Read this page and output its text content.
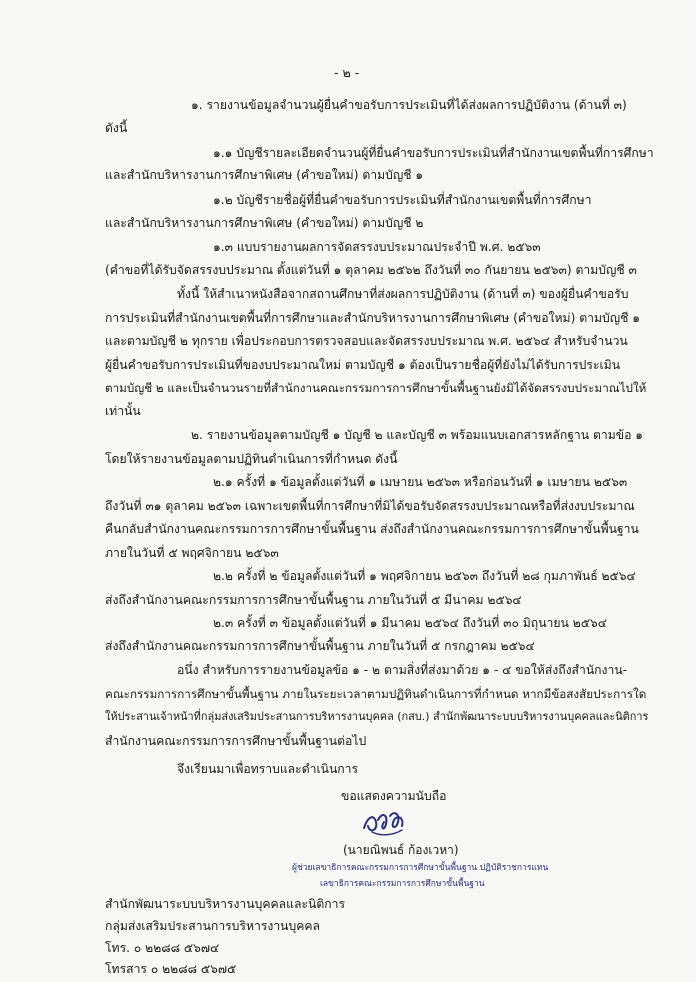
- ๒ -

๑. รายงานข้อมูลจำนวนผู้ยื่นคำขอรับการประเมินที่ได้ส่งผลการปฏิบัติงาน (ด้านที่ ๓)

ดังนี้

๑.๑ บัญชีรายละเอียดจำนวนผู้ที่ยื่นคำขอรับการประเมินที่สำนักงานเขตพื้นที่การศึกษา

และสำนักบริหารงานการศึกษาพิเศษ (คำขอใหม่) ตามบัญชี ๑

๑.๒ บัญชีรายชื่อผู้ที่ยื่นคำขอรับการประเมินที่สำนักงานเขตพื้นที่การศึกษา

และสำนักบริหารงานการศึกษาพิเศษ (คำขอใหม่) ตามบัญชี ๒

๑.๓ แบบรายงานผลการจัดสรรงบประมาณประจำปี พ.ศ. ๒๕๖๓

(คำขอที่ได้รับจัดสรรงบประมาณ ตั้งแต่วันที่ ๑ ตุลาคม ๒๕๖๒ ถึงวันที่ ๓๐ กันยายน ๒๕๖๓) ตามบัญชี ๓

ทั้งนี้ ให้สำเนาหนังสือจากสถานศึกษาที่ส่งผลการปฏิบัติงาน (ด้านที่ ๓) ของผู้ยื่นคำขอรับ

การประเมินที่สำนักงานเขตพื้นที่การศึกษาและสำนักบริหารงานการศึกษาพิเศษ (คำขอใหม่) ตามบัญชี ๑

และตามบัญชี ๒ ทุกราย เพื่อประกอบการตรวจสอบและจัดสรรงบประมาณ พ.ศ. ๒๕๖๔ สำหรับจำนวน

ผู้ยื่นคำขอรับการประเมินที่ของบประมาณใหม่ ตามบัญชี ๑ ต้องเป็นรายชื่อผู้ที่ยังไม่ได้รับการประเมิน

ตามบัญชี ๒ และเป็นจำนวนรายที่สำนักงานคณะกรรมการการศึกษาขั้นพื้นฐานยังมิได้จัดสรรงบประมาณไปให้

เท่านั้น

๒. รายงานข้อมูลตามบัญชี ๑ บัญชี ๒ และบัญชี ๓ พร้อมแนบเอกสารหลักฐาน ตามข้อ ๑

โดยให้รายงานข้อมูลตามปฏิทินดำเนินการที่กำหนด ดังนี้

๒.๑ ครั้งที่ ๑ ข้อมูลตั้งแต่วันที่ ๑ เมษายน ๒๕๖๓ หรือก่อนวันที่ ๑ เมษายน ๒๕๖๓

ถึงวันที่ ๓๑ ตุลาคม ๒๕๖๓ เฉพาะเขตพื้นที่การศึกษาที่มิได้ขอรับจัดสรรงบประมาณหรือที่ส่งงบประมาณ

คืนกลับสำนักงานคณะกรรมการการศึกษาขั้นพื้นฐาน ส่งถึงสำนักงานคณะกรรมการการศึกษาขั้นพื้นฐาน

ภายในวันที่ ๕ พฤศจิกายน ๒๕๖๓

๒.๒ ครั้งที่ ๒ ข้อมูลตั้งแต่วันที่ ๑ พฤศจิกายน ๒๕๖๓ ถึงวันที่ ๒๘ กุมภาพันธ์ ๒๕๖๔

ส่งถึงสำนักงานคณะกรรมการการศึกษาขั้นพื้นฐาน ภายในวันที่ ๕ มีนาคม ๒๕๖๔

๒.๓ ครั้งที่ ๓ ข้อมูลตั้งแต่วันที่ ๑ มีนาคม ๒๕๖๔ ถึงวันที่ ๓๐ มิถุนายน ๒๕๖๔

ส่งถึงสำนักงานคณะกรรมการการศึกษาขั้นพื้นฐาน ภายในวันที่ ๕ กรกฎาคม ๒๕๖๔

อนึ่ง สำหรับการรายงานข้อมูลข้อ ๑ - ๒ ตามสิ่งที่ส่งมาด้วย ๑ - ๔ ขอให้ส่งถึงสำนักงาน-

คณะกรรมการการศึกษาขั้นพื้นฐาน ภายในระยะเวลาตามปฏิทินดำเนินการที่กำหนด หากมีข้อสงสัยประการใด

ให้ประสานเจ้าหน้าที่กลุ่มส่งเสริมประสานการบริหารงานบุคคล (กสบ.) สำนักพัฒนาระบบบริหารงานบุคคลและนิติการ

สำนักงานคณะกรรมการการศึกษาขั้นพื้นฐานต่อไป

จึงเรียนมาเพื่อทราบและดำเนินการ

ขอแสดงความนับถือ

(นายณิพนธ์ ก้องเวหา)

ผู้ช่วยเลขาธิการคณะกรรมการการศึกษาขั้นพื้นฐาน ปฏิบัติราชการแทน

เลขาธิการคณะกรรมการการศึกษาขั้นพื้นฐาน

สำนักพัฒนาระบบบริหารงานบุคคลและนิติการ

กลุ่มส่งเสริมประสานการบริหารงานบุคคล

โทร. ๐ ๒๒๘๘ ๕๖๗๔

โทรสาร ๐ ๒๒๘๘ ๕๖๗๕
